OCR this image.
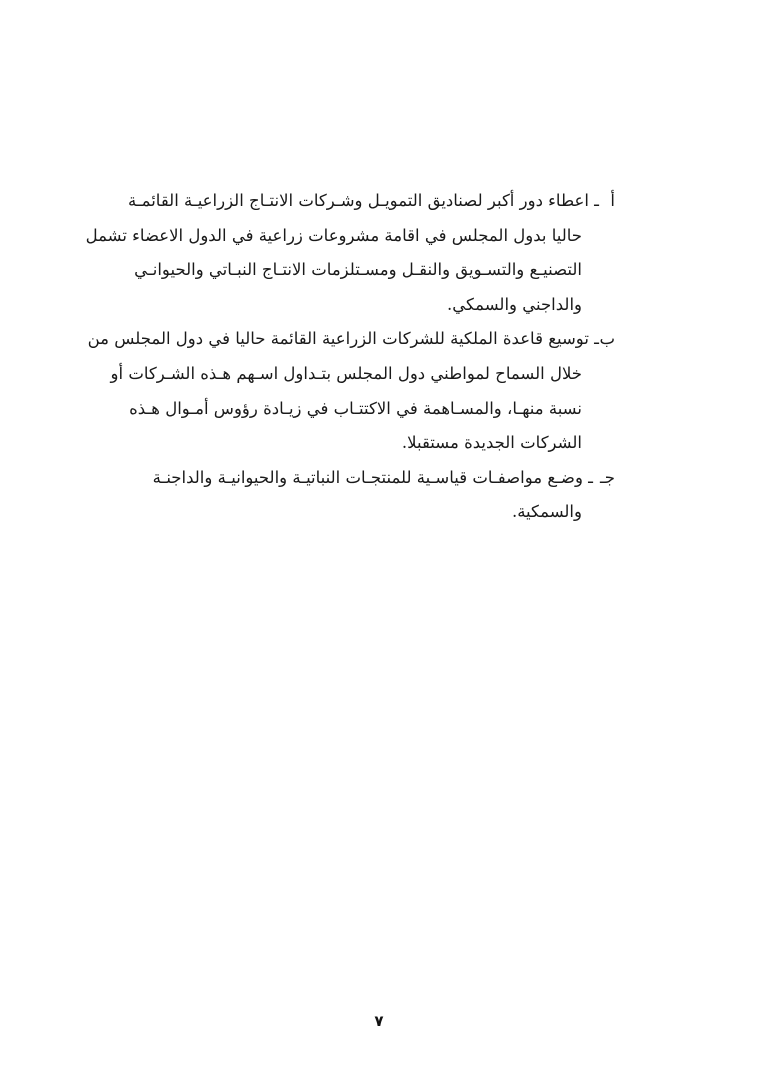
أـ اعطاء دور أكبر لصناديق التمويـل وشـركات الانتـاج الزراعيـة القائمـة
حاليا بدول المجلس في اقامة مشروعات زراعية في الدول الاعضاء تشمل
التصنيـع والتسـويق والنقـل ومسـتلزمات الانتـاج النبـاتي والحيوانـي
والداجني والسمكي.
بـ توسيع قاعدة الملكية للشركات الزراعية القائمة حاليا في دول المجلس من
خلال السماح لمواطني دول المجلس بتـداول اسـهم هـذه الشـركات أو
نسبة منهـا، والمسـاهمة في الاكتتـاب في زيـادة رؤوس أمـوال هـذه
الشركات الجديدة مستقبلا.
جــ وضـع مواصفـات قياسـية للمنتجـات النباتيـة والحيوانيـة والداجنـة
والسمكية.
٧
